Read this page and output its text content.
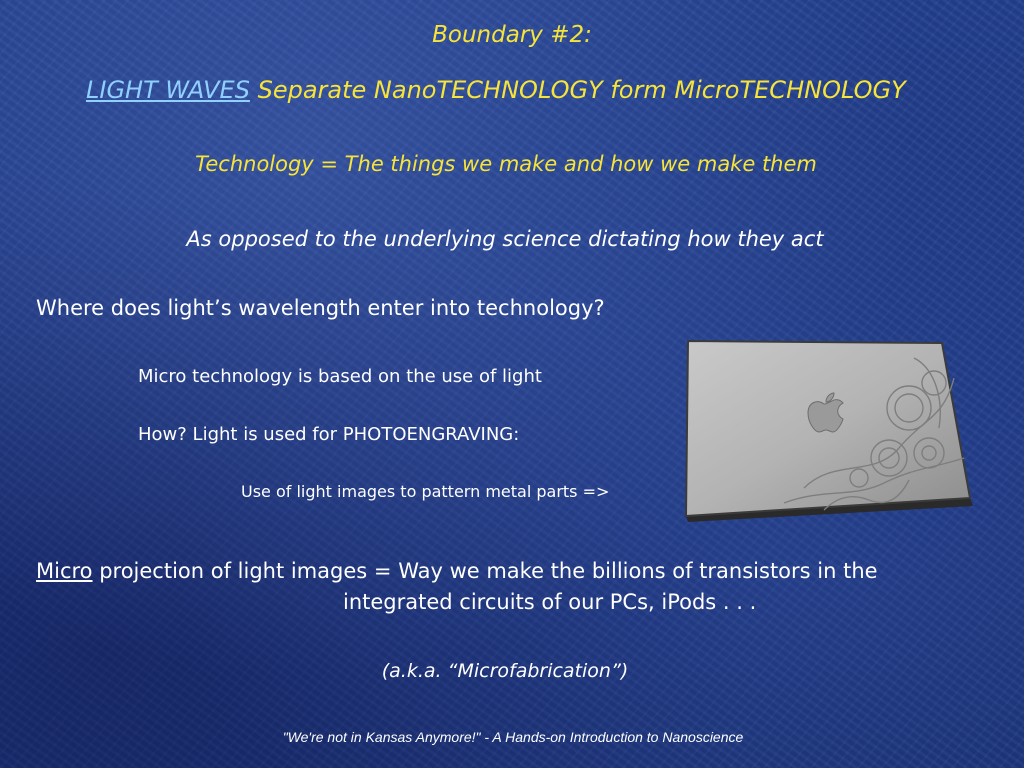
Boundary #2:

LIGHT WAVES Separate NanoTECHNOLOGY form MicroTECHNOLOGY

Technology = The things we make and how we make them

As opposed to the underlying science dictating how they act

Where does light’s wavelength enter into technology?

Micro technology is based on the use of light

How? Light is used for PHOTOENGRAVING:

Use of light images to pattern metal parts =>

Micro projection of light images = Way we make the billions of transistors in the

integrated circuits of our PCs, iPods . . .

(a.k.a. “Microfabrication”)

"We're not in Kansas Anymore!" - A Hands-on Introduction to Nanoscience
